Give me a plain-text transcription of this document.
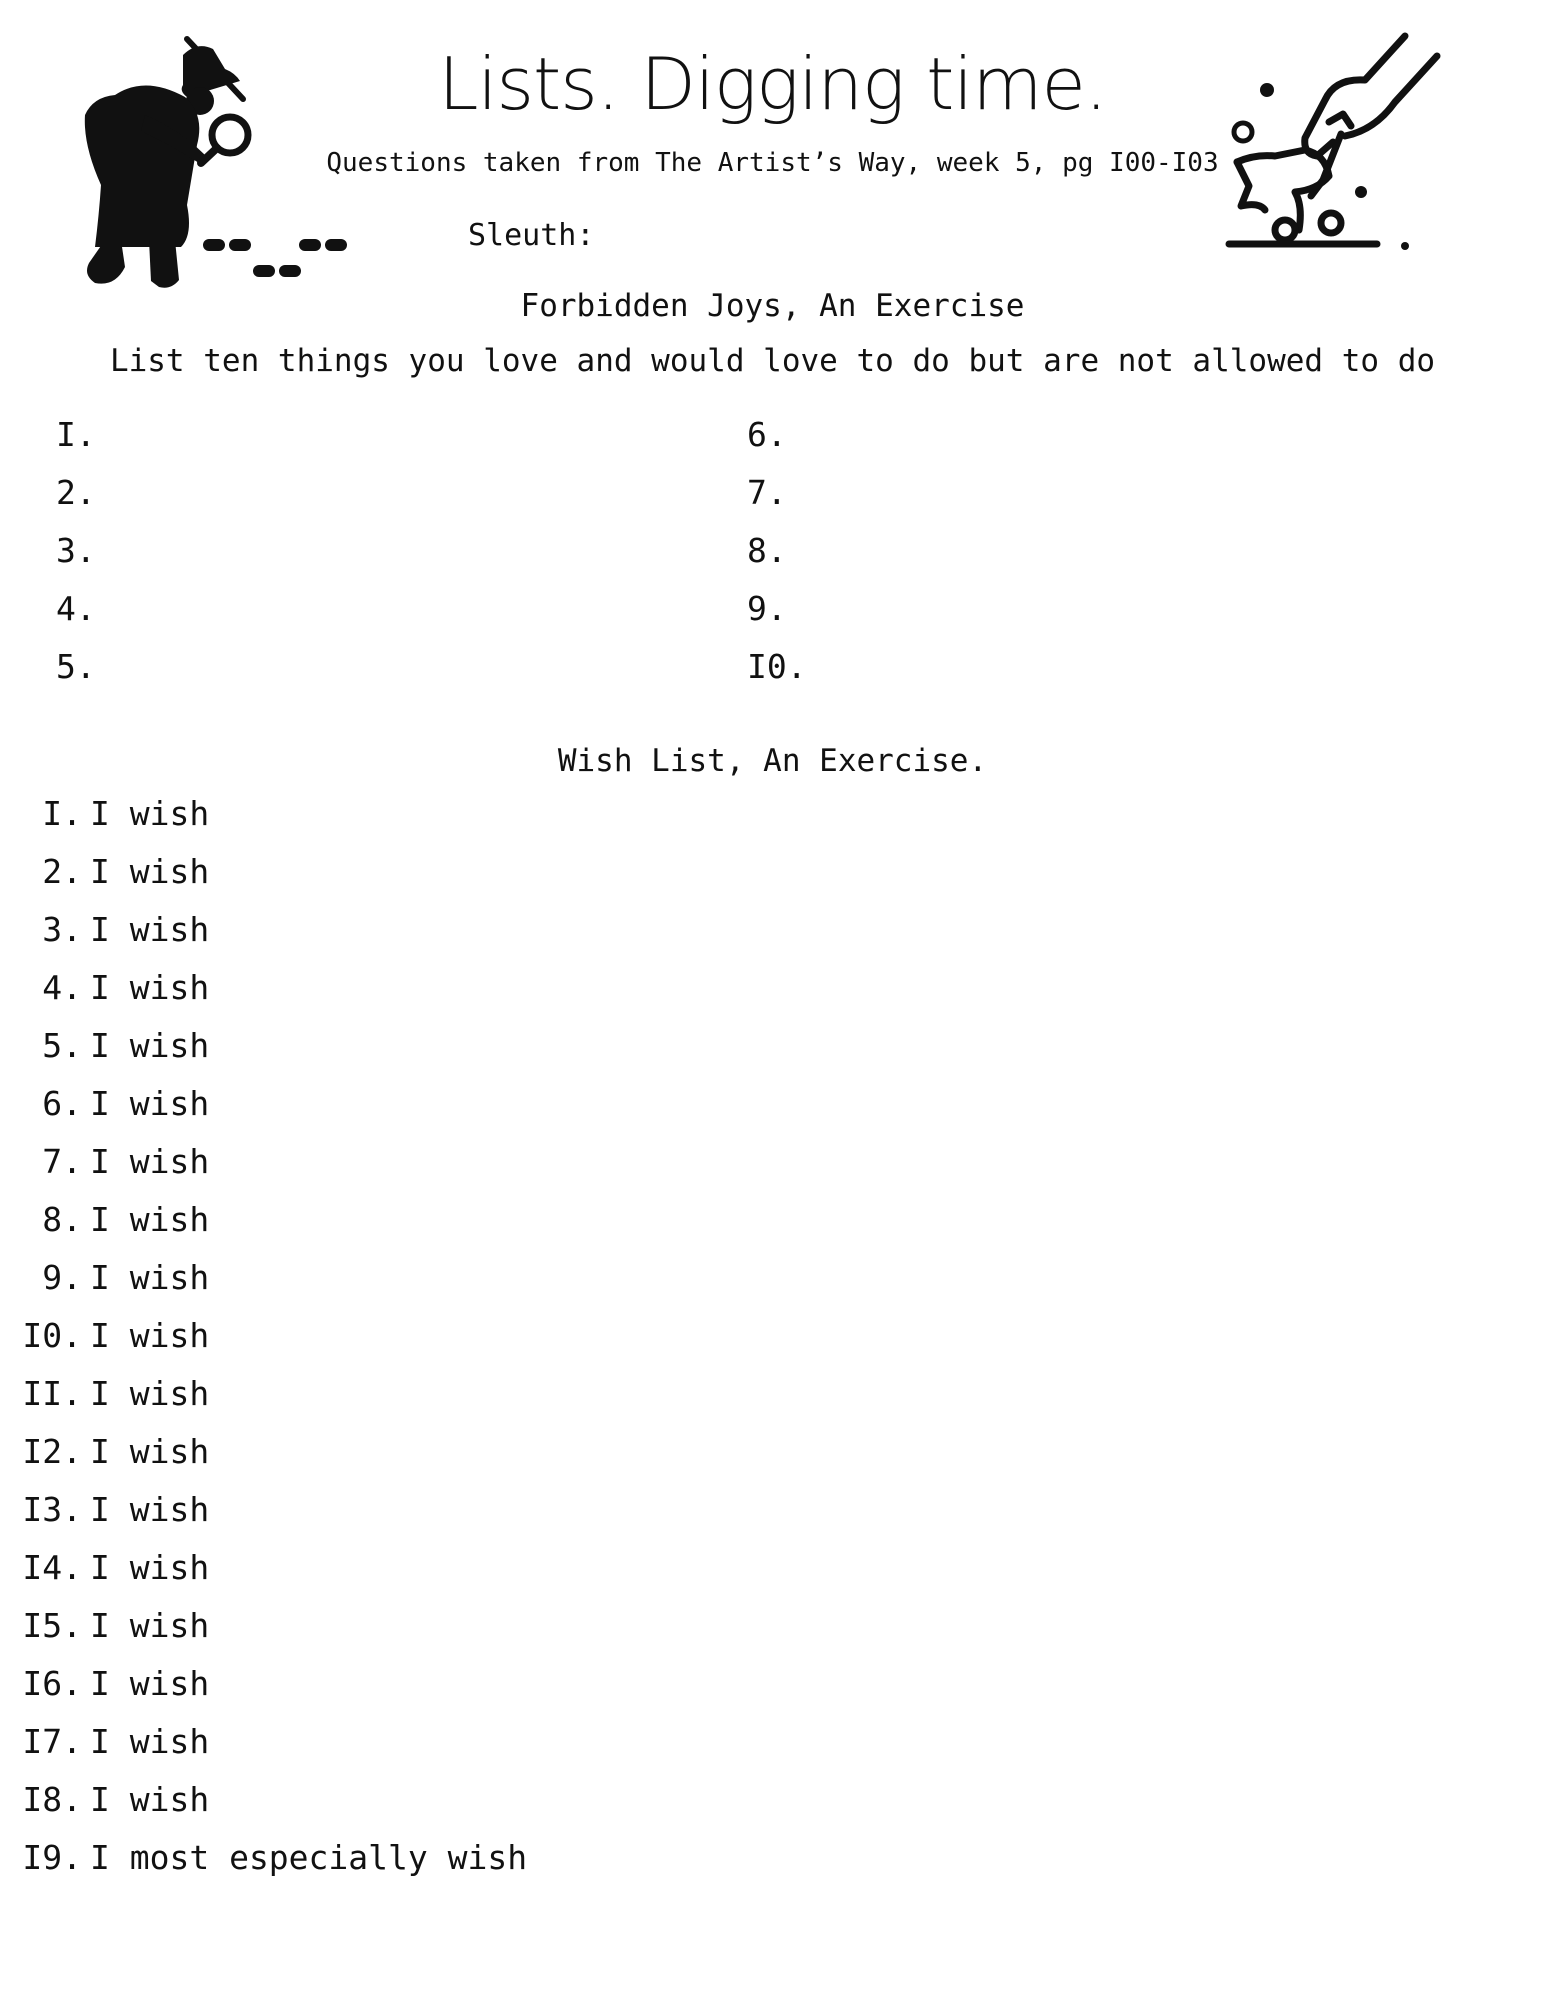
Lists. Digging time.
Questions taken from The Artist’s Way, week 5, pg I00-I03
Sleuth:
Forbidden Joys, An Exercise
List ten things you love and would love to do but are not allowed to do
I.
2.
3.
4.
5.
6.
7.
8.
9.
I0.
Wish List, An Exercise.
I. I wish
2. I wish
3. I wish
4. I wish
5. I wish
6. I wish
7. I wish
8. I wish
9. I wish
I0. I wish
II. I wish
I2. I wish
I3. I wish
I4. I wish
I5. I wish
I6. I wish
I7. I wish
I8. I wish
I9. I most especially wish
